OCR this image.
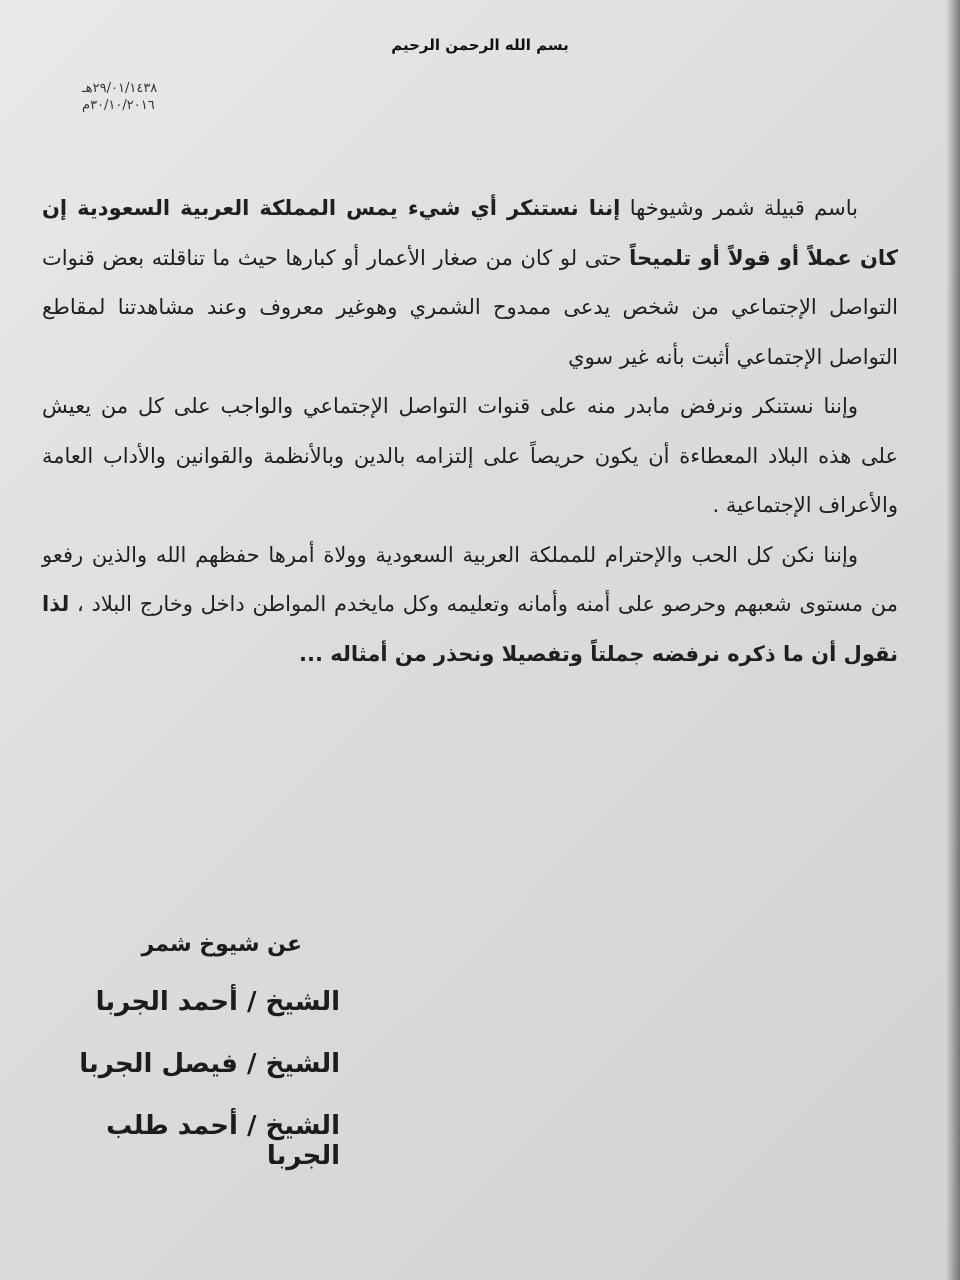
بسم الله الرحمن الرحيم
٢٩/٠١/١٤٣٨هـ
٣٠/١٠/٢٠١٦م

باسم قبيلة شمر وشيوخها إننا نستنكر أي شيء يمس المملكة العربية السعودية إن كان عملاً أو قولاً أو تلميحاً حتى لو كان من صغار الأعمار أو كبارها حيث ما تناقلته بعض قنوات التواصل الإجتماعي من شخص يدعى ممدوح الشمري وهوغير معروف وعند مشاهدتنا لمقاطع التواصل الإجتماعي أثبت بأنه غير سوي

وإننا نستنكر ونرفض مابدر منه على قنوات التواصل الإجتماعي والواجب على كل من يعيش على هذه البلاد المعطاءة أن يكون حريصاً على إلتزامه بالدين وبالأنظمة والقوانين والأداب العامة والأعراف الإجتماعية .

وإننا نكن كل الحب والإحترام للمملكة العربية السعودية وولاة أمرها حفظهم الله والذين رفعو من مستوى شعبهم وحرصو على أمنه وأمانه وتعليمه وكل مايخدم المواطن داخل وخارج البلاد ، لذا نقول أن ما ذكره نرفضه جملتاً وتفصيلا ونحذر من أمثاله ...

عن شيوخ شمر
الشيخ / أحمد الجربا
الشيخ / فيصل الجربا
الشيخ / أحمد طلب الجربا
